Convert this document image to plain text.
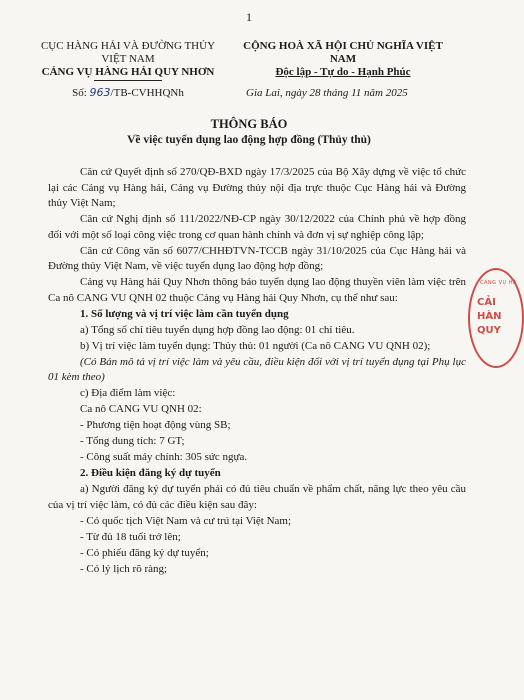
1
CỤC HÀNG HẢI VÀ ĐƯỜNG THỦY
VIỆT NAM
CẢNG VỤ HÀNG HẢI QUY NHƠN
Số: 963/TB-CVHHQNh
CỘNG HOÀ XÃ HỘI CHỦ NGHĨA VIỆT NAM
Độc lập - Tự do - Hạnh Phúc
Gia Lai, ngày 28 tháng 11 năm 2025
THÔNG BÁO
Về việc tuyển dụng lao động hợp đồng (Thủy thủ)

Căn cứ Quyết định số 270/QĐ-BXD ngày 17/3/2025 của Bộ Xây dựng về việc tổ chức lại các Cảng vụ Hàng hải, Cảng vụ Đường thủy nội địa trực thuộc Cục Hàng hải và Đường thủy Việt Nam;

Căn cứ Nghị định số 111/2022/NĐ-CP ngày 30/12/2022 của Chính phủ về hợp đồng đối với một số loại công việc trong cơ quan hành chính và đơn vị sự nghiệp công lập;

Căn cứ Công văn số 6077/CHHĐTVN-TCCB ngày 31/10/2025 của Cục Hàng hải và Đường thủy Việt Nam, về việc tuyển dụng lao động hợp đồng;

Cảng vụ Hàng hải Quy Nhơn thông báo tuyển dụng lao động thuyền viên làm việc trên Ca nô CANG VU QNH 02 thuộc Cảng vụ Hàng hải Quy Nhơn, cụ thể như sau:

1. Số lượng và vị trí việc làm cần tuyển dụng

a) Tổng số chỉ tiêu tuyển dụng hợp đồng lao động: 01 chỉ tiêu.

b) Vị trí việc làm tuyển dụng: Thủy thủ: 01 người (Ca nô CANG VU QNH 02);

(Có Bản mô tả vị trí việc làm và yêu cầu, điều kiện đối với vị trí tuyển dụng tại Phụ lục 01 kèm theo)

c) Địa điểm làm việc:

Ca nô CANG VU QNH 02:

- Phương tiện hoạt động vùng SB;

- Tổng dung tích: 7 GT;

- Công suất máy chính: 305 sức ngựa.

2. Điều kiện đăng ký dự tuyển

a) Người đăng ký dự tuyển phải có đủ tiêu chuẩn về phẩm chất, năng lực theo yêu cầu của vị trí việc làm, có đủ các điều kiện sau đây:

- Có quốc tịch Việt Nam và cư trú tại Việt Nam;

- Từ đủ 18 tuổi trở lên;

- Có phiếu đăng ký dự tuyển;

- Có lý lịch rõ ràng;

CẢNG VỤ HÀ
CẢI
HÀN
QUY
